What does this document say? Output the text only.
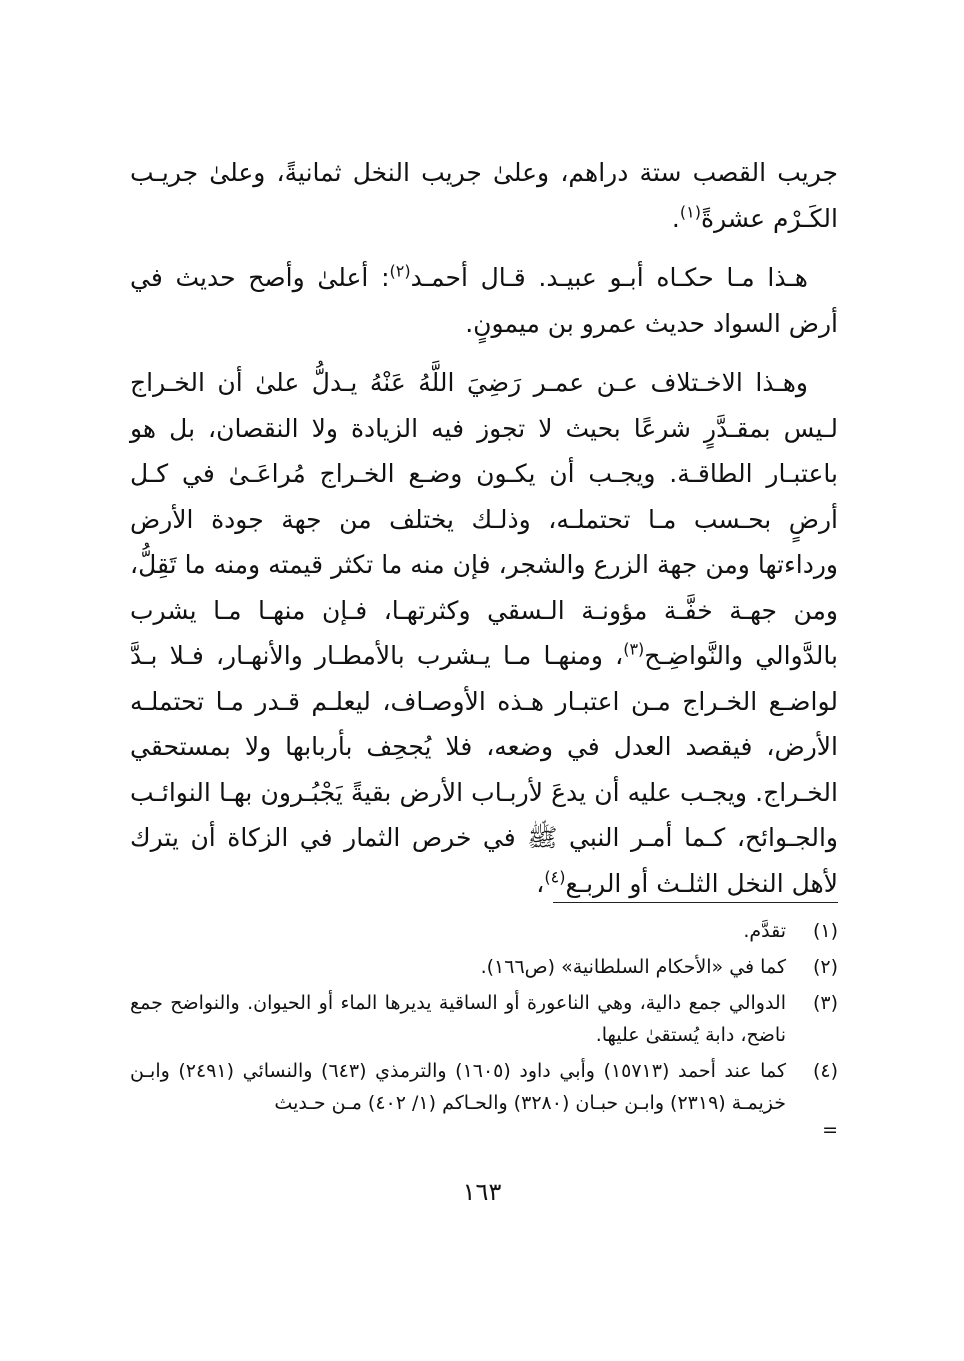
جريب القصب ستة دراهم، وعلىٰ جريب النخل ثمانيةً، وعلىٰ جريـب الكَـرْم عشرةً$^{(١)}$.

هـذا مـا حكـاه أبـو عبيـد. قـال أحمـد$^{(٢)}$: أعلىٰ وأصح حديث في أرض السواد حديث عمرو بن ميمونٍ.

وهـذا الاخـتلاف عـن عمـر رَضِيَ اللَّهُ عَنْهُ يـدلُّ علىٰ أن الخـراج لـيس بمقـدَّرٍ شرعًا بحيث لا تجوز فيه الزيادة ولا النقصان، بل هو باعتبـار الطاقـة. ويجـب أن يكـون وضـع الخـراج مُراعَـىٰ في كـل أرضٍ بحـسب مـا تحتملـه، وذلـك يختلف من جهة جودة الأرض ورداءتها ومن جهة الزرع والشجر، فإن منه ما تكثر قيمته ومنه ما تَقِلُّ، ومن جهـة خفَّـة مؤونـة الـسقي وكثرتهـا، فـإن منهـا مـا يشرب بالدَّوالي والنَّواضِـح$^{(٣)}$، ومنهـا مـا يـشرب بالأمطـار والأنهـار، فـلا بـدَّ لواضـع الخـراج مـن اعتبـار هـذه الأوصـاف، ليعلـم قـدر مـا تحتملـه الأرض، فيقصد العدل في وضعه، فلا يُجحِف بأربابها ولا بمستحقي الخـراج. ويجـب عليه أن يدعَ لأربـاب الأرض بقيةً يَجْبُـرون بهـا النوائـب والجـوائح، كـما أمـر النبي ﷺ في خرص الثمار في الزكاة أن يترك لأهل النخل الثلـث أو الربـع$^{(٤)}$،

(١)
تقدَّم.
(٢)
كما في «الأحكام السلطانية» (ص١٦٦).
(٣)
الدوالي جمع دالية، وهي الناعورة أو الساقية يديرها الماء أو الحيوان. والنواضح جمع ناضح، دابة يُستقىٰ عليها.
(٤)
كما عند أحمد (١٥٧١٣) وأبي داود (١٦٠٥) والترمذي (٦٤٣) والنسائي (٢٤٩١) وابـن خزيمـة (٢٣١٩) وابـن حبـان (٣٢٨٠) والحـاكم (١/ ٤٠٢) مـن حـديث
=
١٦٣
